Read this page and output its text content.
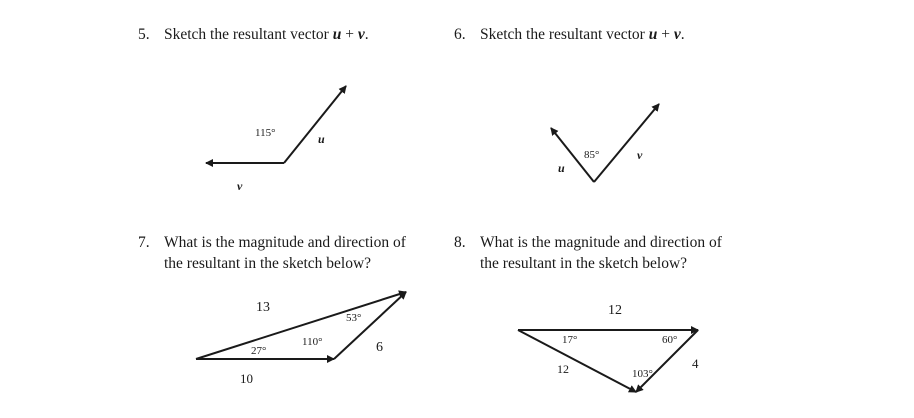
5. Sketch the resultant vector u + v.	6. Sketch the resultant vector u + v.
7. What is the magnitude and direction of
the resultant in the sketch below?
8. What is the magnitude and direction of
the resultant in the sketch below?
115°	u
v
85°
u
v
13
10
6
27°
110°
53°	12
12	4
17°	60°
103°
